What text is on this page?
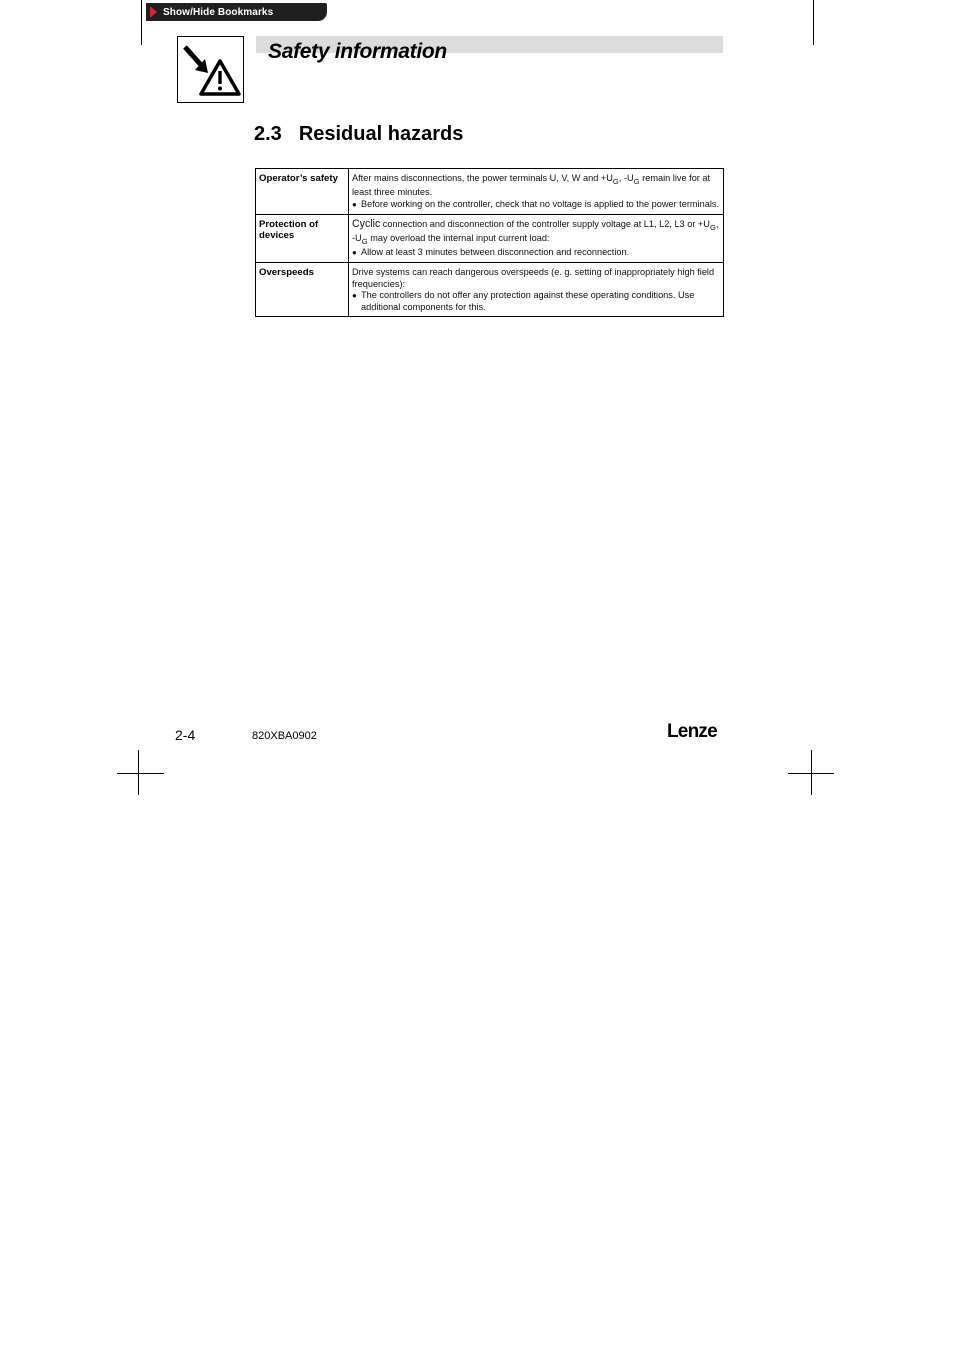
Show/Hide Bookmarks
Safety information
2.3 Residual hazards
Operator’s safety	After mains disconnections, the power terminals U, V, W and $+U_G$, $-U_G$ remain live for at least three minutes.
● Before working on the controller, check that no voltage is applied to the power terminals.

Protection of devices	Cyclic connection and disconnection of the controller supply voltage at L1, L2, L3 or $+U_G$, $-U_G$ may overload the internal input current load:
● Allow at least 3 minutes between disconnection and reconnection.

Overspeeds	Drive systems can reach dangerous overspeeds (e. g. setting of inappropriately high field frequencies):
● The controllers do not offer any protection against these operating conditions. Use additional components for this.
2-4	820XBA0902	Lenze
